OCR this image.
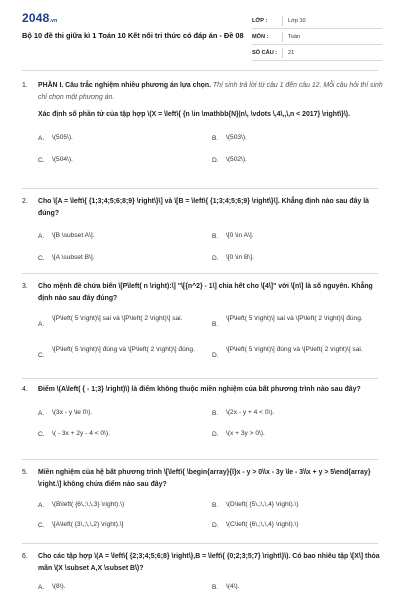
2048.vn
Bộ 10 đề thi giữa kì 1 Toán 10 Kết nối tri thức có đáp án - Đề 08
LỚP :	Lớp 10
MÔN :	Toán
SỐ CÂU :	21
1.	PHẦN I. Câu trắc nghiệm nhiều phương án lựa chọn. Thí sinh trả lời từ câu 1 đến câu 12. Mỗi câu hỏi thí sinh chỉ chọn một phương án.
Xác định số phần tử của tập hợp \(X = \left\{ {n \in \mathbb{N}|n\, \vdots \,4\,,\,n < 2017} \right\}\).
A.	\(505\).	B.	\(503\).
C.	\(504\).	D.	\(502\).
2.	Cho \[A = \left\{ {1;3;4;5;6;8;9} \right\}\] và \[B = \left\{ {1;3;4;5;6;9} \right\}\]. Khẳng định nào sau đây là đúng?
A.	\[B \subset A\].	B.	\[0 \in A\].
C.	\[A \subset B\].	D.	\[0 \in B\].
3.	Cho mệnh đề chứa biến \[P\left( n \right):\] "\[{n^2} - 1\] chia hết cho \[4\]" với \[n\] là số nguyên. Khẳng định nào sau đây đúng?
A.
\[P\left( 5 \right)\] sai và \[P\left( 2 \right)\] sai.
B.
\[P\left( 5 \right)\] sai và \[P\left( 2 \right)\] đúng.
C.
\[P\left( 5 \right)\] đúng và \[P\left( 2 \right)\] đúng.
D.
\[P\left( 5 \right)\] đúng và \[P\left( 2 \right)\] sai.
4.	Điểm \(A\left( { - 1;3} \right)\) là điểm không thuộc miền nghiệm của bất phương trình nào sau đây?
A.	\(3x - y \le 0\).	B.	\(2x - y + 4 < 0\).
C.	\( - 3x + 2y - 4 < 0\).	D.	\(x + 3y > 0\).
5.	Miền nghiệm của hệ bất phương trình \[\left\{ \begin{array}{l}x - y > 0\\x - 3y \le - 3\\x + y > 5\end{array} \right.\] không chứa điểm nào sau đây?
A.	\(B\left( {6\,;\,\,3} \right).\)	B.	\(D\left( {5\,;\,\,4} \right).\)
C.	\[A\left( {3\,;\,\,2} \right).\]	D.	\(C\left( {6\,;\,\,4} \right).\)
6.	Cho các tập hợp \(A = \left\{ {2;3;4;5;6;8} \right\},B = \left\{ {0;2;3;5;7} \right\}\). Có bao nhiêu tập \[X\] thỏa mãn \(X \subset A,X \subset B\)?
A.	\(8\).	B.	\(4\).
